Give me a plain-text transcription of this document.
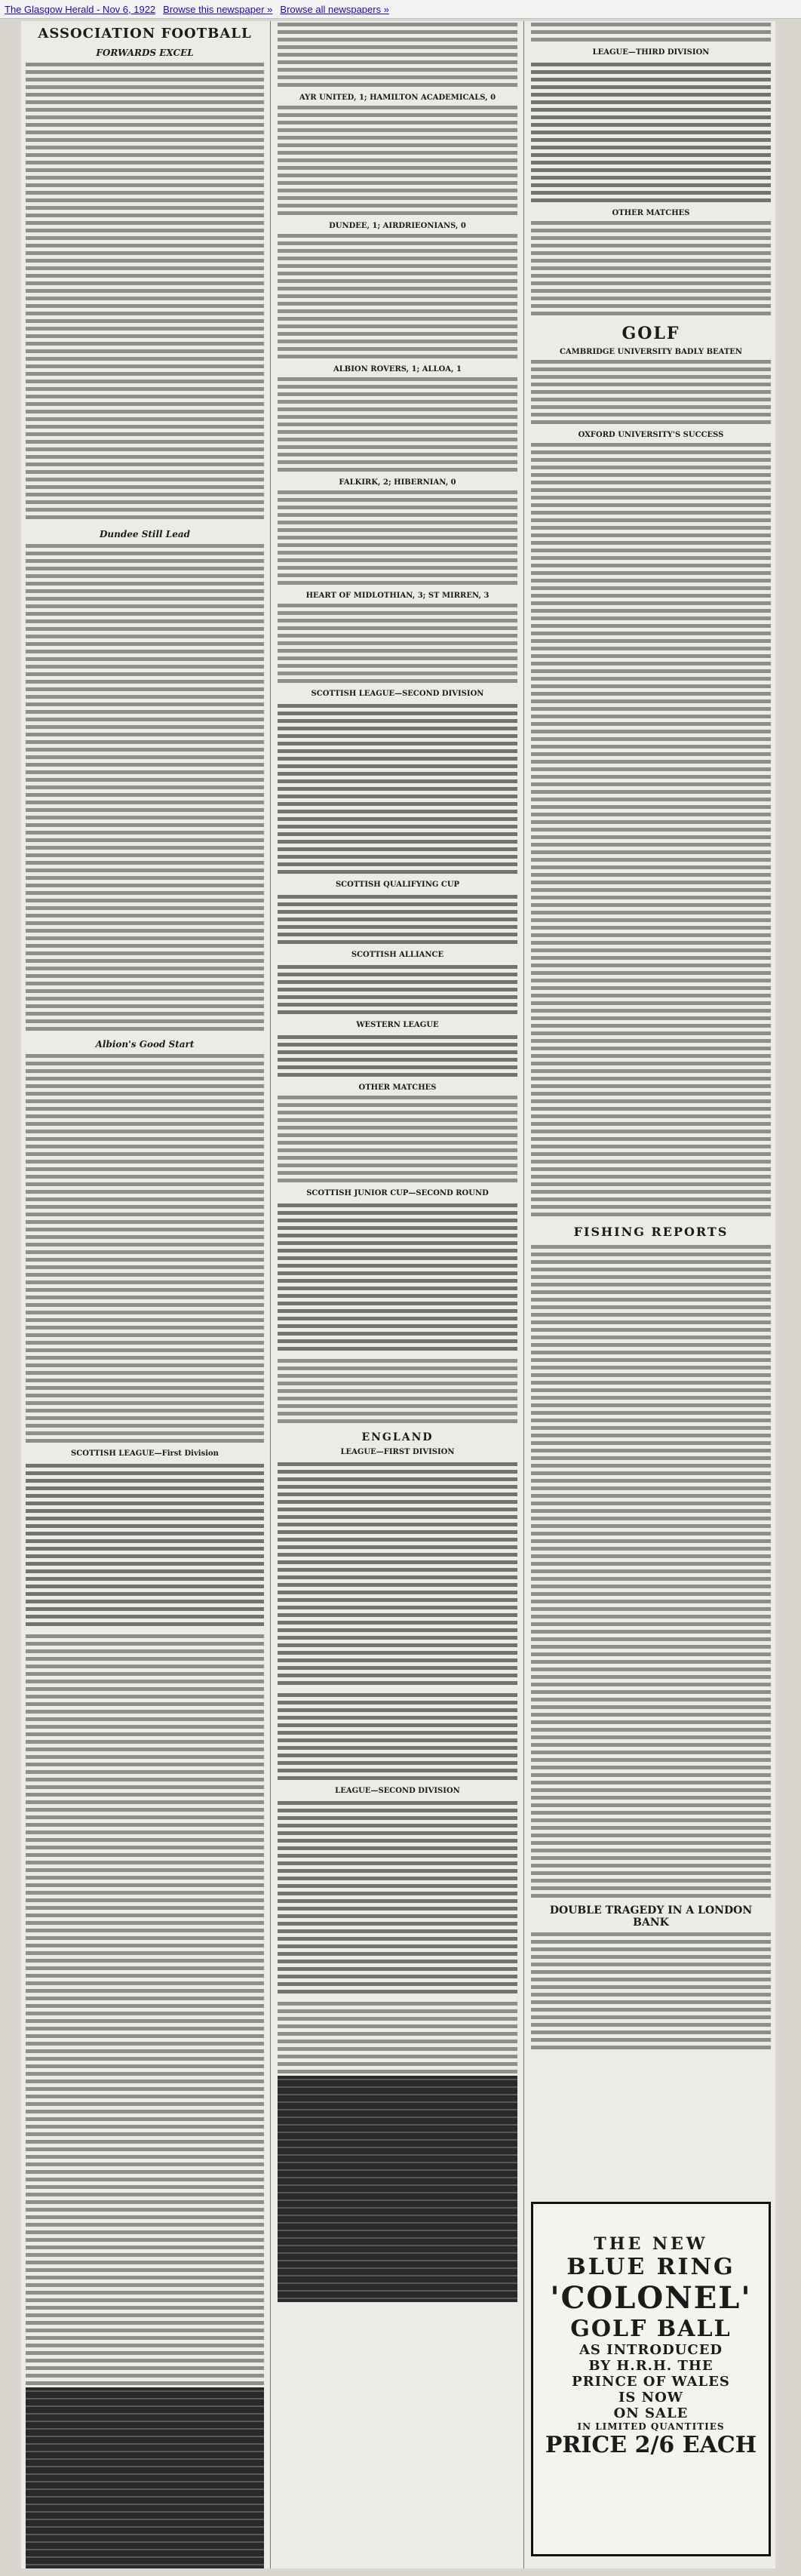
The Glasgow Herald - Nov 6, 1922 Browse this newspaper » Browse all newspapers »
ASSOCIATION FOOTBALL
FORWARDS EXCEL
Dundee Still Lead
Albion's Good Start
SCOTTISH LEAGUE—First Division
AYR UNITED, 1; HAMILTON ACADEMICALS, 0
DUNDEE, 1; AIRDRIEONIANS, 0
ALBION ROVERS, 1; ALLOA, 1
FALKIRK, 2; HIBERNIAN, 0
HEART OF MIDLOTHIAN, 3; ST MIRREN, 3
SCOTTISH LEAGUE—SECOND DIVISION
SCOTTISH QUALIFYING CUP
SCOTTISH ALLIANCE
WESTERN LEAGUE
OTHER MATCHES
SCOTTISH JUNIOR CUP—SECOND ROUND
ENGLAND
LEAGUE—FIRST DIVISION
LEAGUE—SECOND DIVISION
LEAGUE—THIRD DIVISION
OTHER MATCHES
GOLF
CAMBRIDGE UNIVERSITY BADLY BEATEN
OXFORD UNIVERSITY'S SUCCESS
FISHING REPORTS
DOUBLE TRAGEDY IN A LONDON BANK
THE NEW
BLUE RING
'COLONEL'
GOLF BALL
AS INTRODUCED
BY H.R.H. THE
PRINCE OF WALES
IS NOW
ON SALE
IN LIMITED QUANTITIES
PRICE 2/6 EACH
